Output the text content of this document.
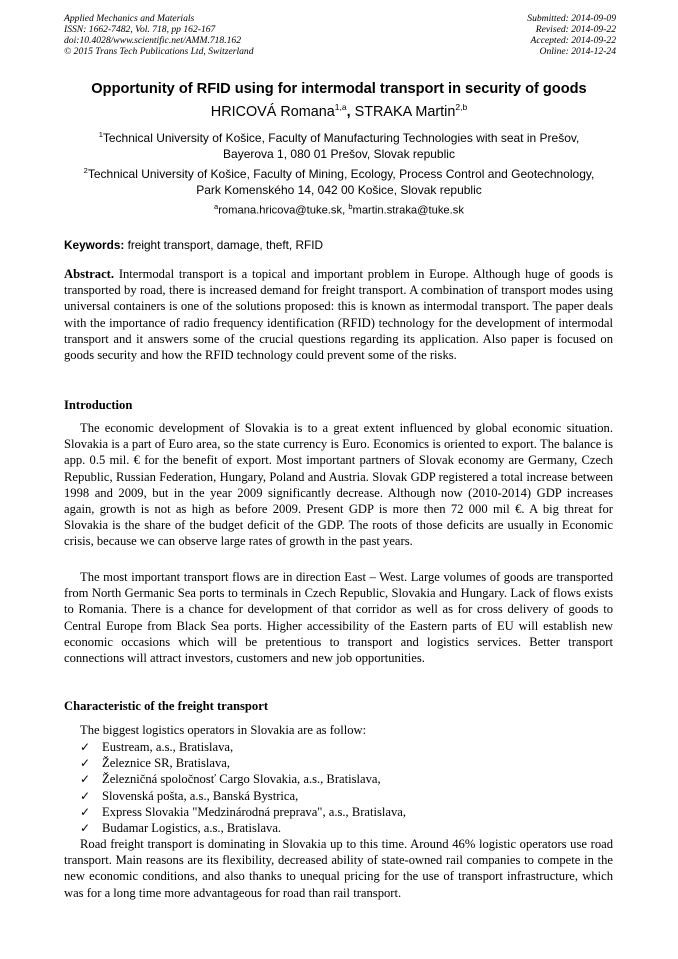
Applied Mechanics and Materials
ISSN: 1662-7482, Vol. 718, pp 162-167
doi:10.4028/www.scientific.net/AMM.718.162
© 2015 Trans Tech Publications Ltd, Switzerland
Submitted: 2014-09-09
Revised: 2014-09-22
Accepted: 2014-09-22
Online: 2014-12-24
Opportunity of RFID using for intermodal transport in security of goods
HRICOVÁ Romana$^{1,a}$, STRAKA Martin$^{2,b}$
$^1$Technical University of Košice, Faculty of Manufacturing Technologies with seat in Prešov,
Bayerova 1, 080 01 Prešov, Slovak republic
$^2$Technical University of Košice, Faculty of Mining, Ecology, Process Control and Geotechnology,
Park Komenského 14, 042 00 Košice, Slovak republic
$^a$romana.hricova@tuke.sk, $^b$martin.straka@tuke.sk
Keywords: freight transport, damage, theft, RFID
Abstract. Intermodal transport is a topical and important problem in Europe. Although huge of goods is transported by road, there is increased demand for freight transport. A combination of transport modes using universal containers is one of the solutions proposed: this is known as intermodal transport. The paper deals with the importance of radio frequency identification (RFID) technology for the development of intermodal transport and it answers some of the crucial questions regarding its application. Also paper is focused on goods security and how the RFID technology could prevent some of the risks.
Introduction

The economic development of Slovakia is to a great extent influenced by global economic situation. Slovakia is a part of Euro area, so the state currency is Euro. Economics is oriented to export. The balance is app. 0.5 mil. € for the benefit of export. Most important partners of Slovak economy are Germany, Czech Republic, Russian Federation, Hungary, Poland and Austria. Slovak GDP registered a total increase between 1998 and 2009, but in the year 2009 significantly decrease. Although now (2010-2014) GDP increases again, growth is not as high as before 2009. Present GDP is more then 72 000 mil €. A big threat for Slovakia is the share of the budget deficit of the GDP. The roots of those deficits are usually in Economic crisis, because we can observe large rates of growth in the past years.

The most important transport flows are in direction East – West. Large volumes of goods are transported from North Germanic Sea ports to terminals in Czech Republic, Slovakia and Hungary. Lack of flows exists to Romania. There is a chance for development of that corridor as well as for cross delivery of goods to Central Europe from Black Sea ports. Higher accessibility of the Eastern parts of EU will establish new economic occasions which will be pretentious to transport and logistics services. Better transport connections will attract investors, customers and new job opportunities.

Characteristic of the freight transport

The biggest logistics operators in Slovakia are as follow:

✓ Eustream, a.s., Bratislava,
✓ Železnice SR, Bratislava,
✓ Železničná spoločnosť Cargo Slovakia, a.s., Bratislava,
✓ Slovenská pošta, a.s., Banská Bystrica,
✓ Express Slovakia "Medzinárodná preprava", a.s., Bratislava,
✓ Budamar Logistics, a.s., Bratislava.

Road freight transport is dominating in Slovakia up to this time. Around 46% logistic operators use road transport. Main reasons are its flexibility, decreased ability of state-owned rail companies to compete in the new economic conditions, and also thanks to unequal pricing for the use of transport infrastructure, which was for a long time more advantageous for road than rail transport.
